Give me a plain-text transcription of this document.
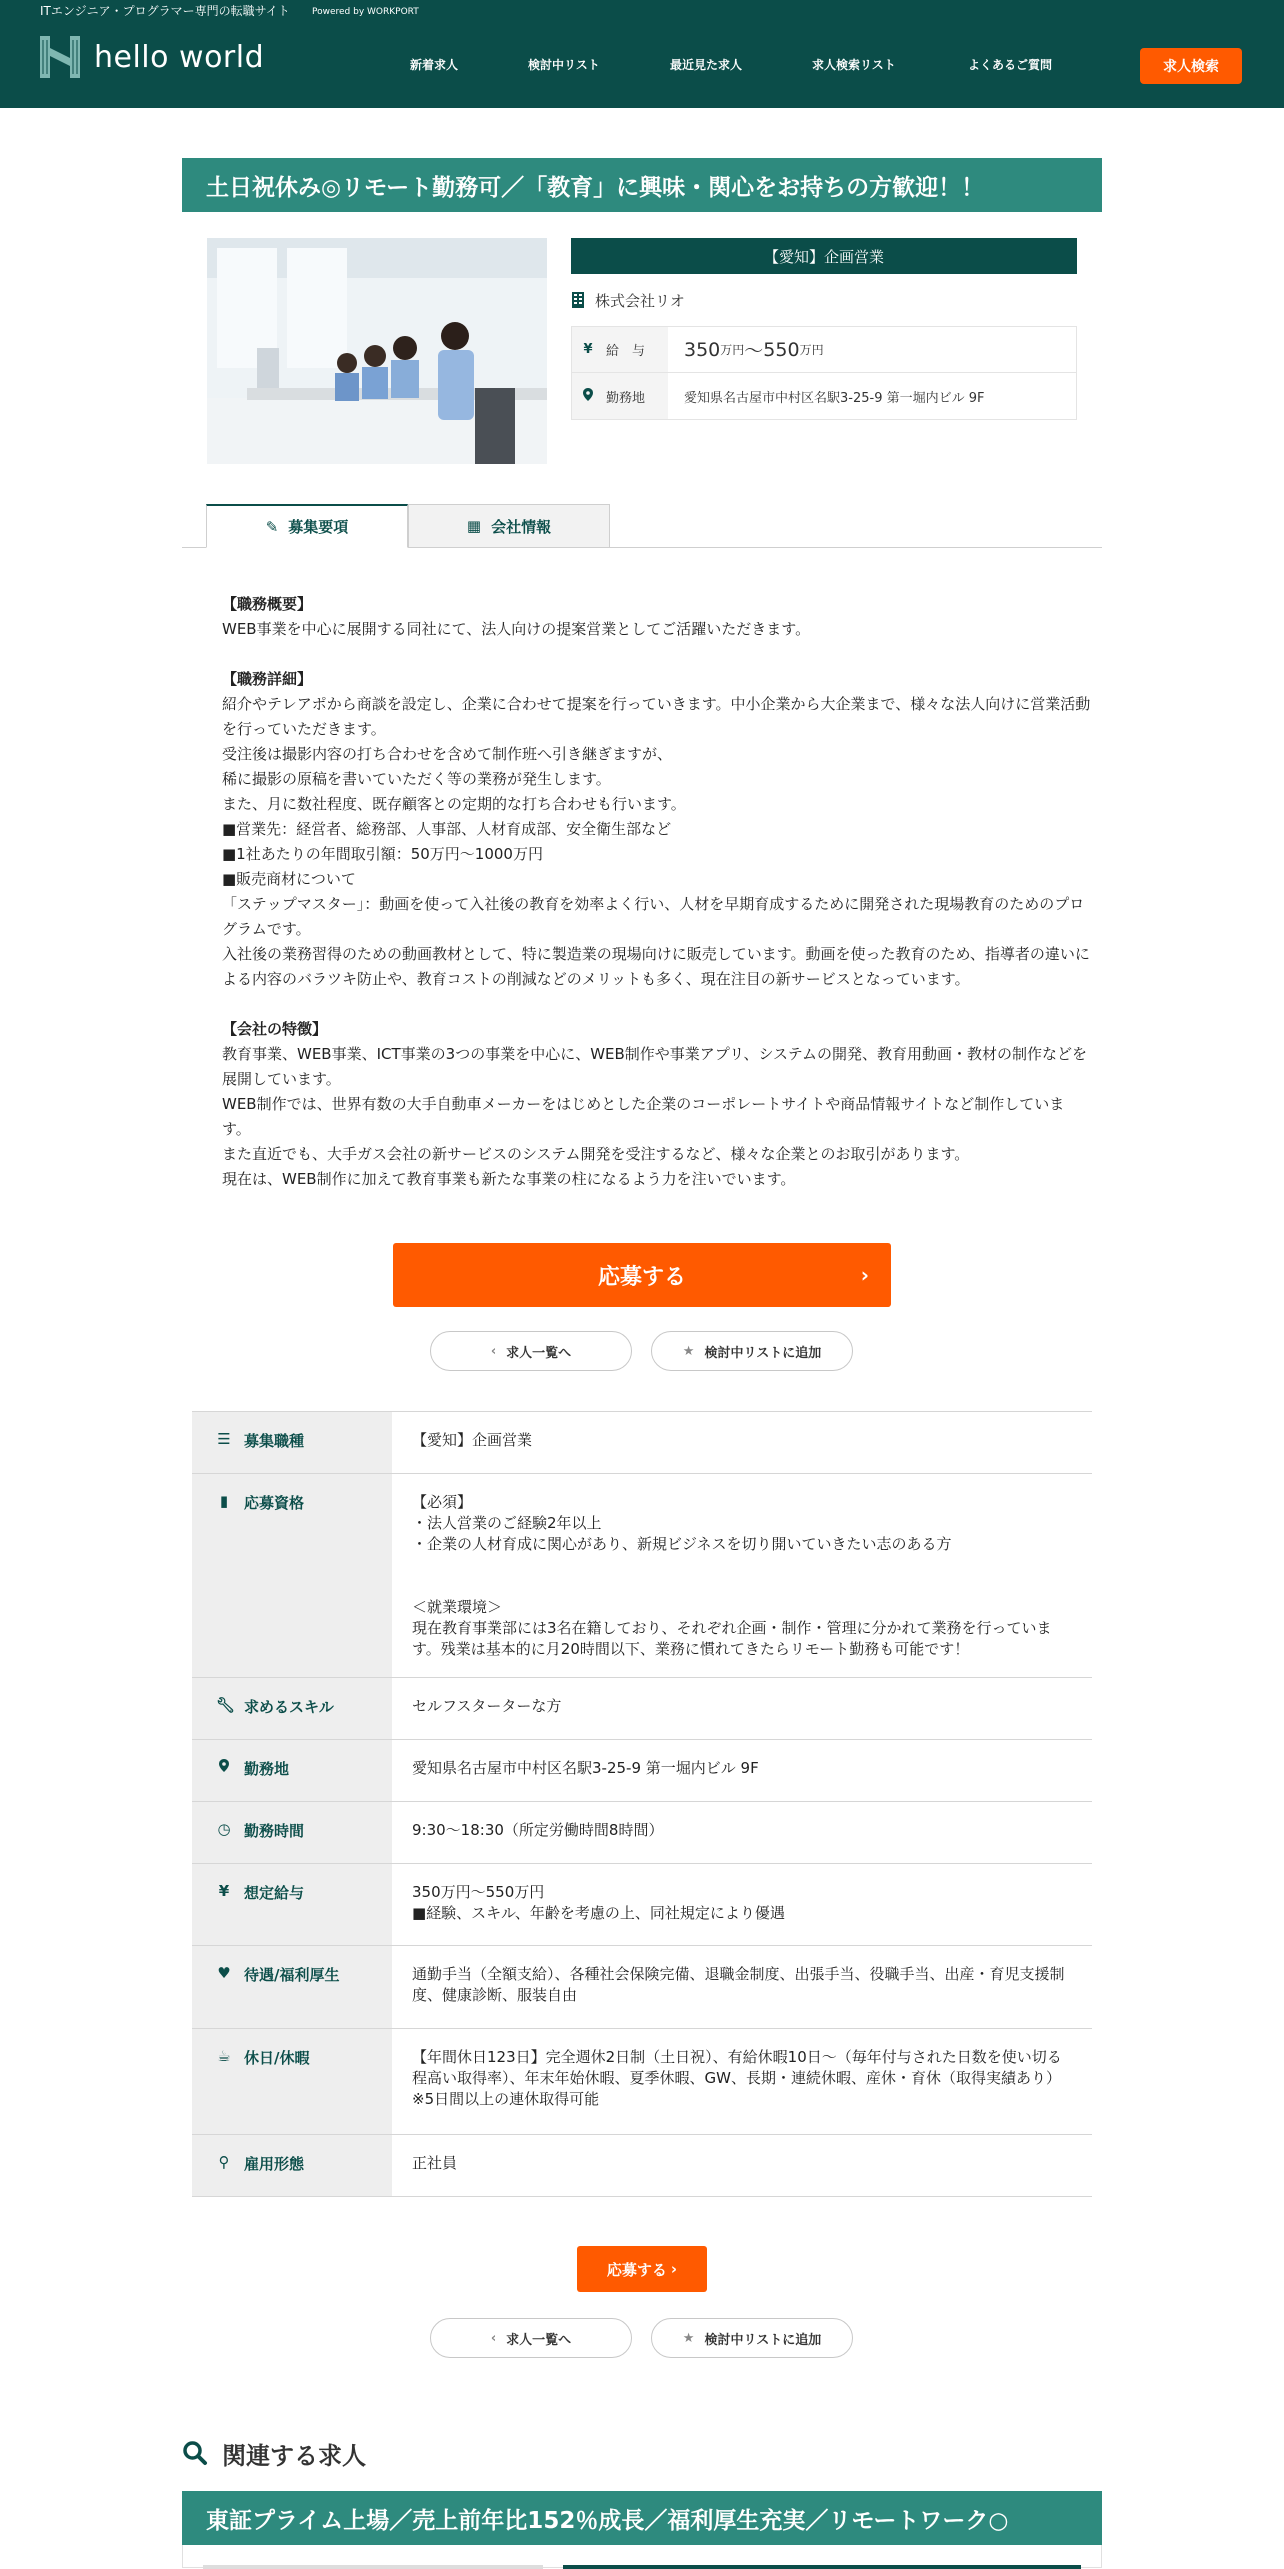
ITエンジニア・プログラマー専門の転職サイト Powered by WORKPORT
hello world	新着求人	検討中リスト	最近見た求人	求人検索リスト	よくあるご質問	求人検索
土日祝休み◎リモート勤務可／「教育」に興味・関心をお持ちの方歓迎！！
【愛知】企画営業
株式会社リオ
¥ 給　与 350 万円 ～ 550 万円
勤務地	愛知県名古屋市中村区名駅3-25-9 第一堀内ビル 9F
✎ 募集要項	▦ 会社情報
【職務概要】
WEB事業を中心に展開する同社にて、法人向けの提案営業としてご活躍いただきます。
【職務詳細】
紹介やテレアポから商談を設定し、企業に合わせて提案を行っていきます。中小企業から大企業まで、様々な法人向けに営業活動を行っていただきます。
受注後は撮影内容の打ち合わせを含めて制作班へ引き継ぎますが、
稀に撮影の原稿を書いていただく等の業務が発生します。
また、月に数社程度、既存顧客との定期的な打ち合わせも行います。
■営業先：経営者、総務部、人事部、人材育成部、安全衛生部など
■1社あたりの年間取引額：50万円〜1000万円
■販売商材について
「ステップマスター」：動画を使って入社後の教育を効率よく行い、人材を早期育成するために開発された現場教育のためのプログラムです。
入社後の業務習得のための動画教材として、特に製造業の現場向けに販売しています。動画を使った教育のため、指導者の違いによる内容のバラツキ防止や、教育コストの削減などのメリットも多く、現在注目の新サービスとなっています。
【会社の特徴】
教育事業、WEB事業、ICT事業の3つの事業を中心に、WEB制作や事業アプリ、システムの開発、教育用動画・教材の制作などを展開しています。
WEB制作では、世界有数の大手自動車メーカーをはじめとした企業のコーポレートサイトや商品情報サイトなど制作しています。
また直近でも、大手ガス会社の新サービスのシステム開発を受注するなど、様々な企業とのお取引があります。
現在は、WEB制作に加えて教育事業も新たな事業の柱になるよう力を注いでいます。
応募する	›
‹ 求人一覧へ	★ 検討中リストに追加
☰ 募集職種	【愛知】企画営業
▮ 応募資格	【必須】
・法人営業のご経験2年以上
・企業の人材育成に関心があり、新規ビジネスを切り開いていきたい志のある方
＜就業環境＞
現在教育事業部には3名在籍しており、それぞれ企画・制作・管理に分かれて業務を行っています。残業は基本的に月20時間以下、業務に慣れてきたらリモート勤務も可能です！
🔧︎ 求めるスキル	セルフスターターな方
勤務地	愛知県名古屋市中村区名駅3-25-9 第一堀内ビル 9F
◷ 勤務時間	9:30〜18:30（所定労働時間8時間）
¥ 想定給与	350万円～550万円
■経験、スキル、年齢を考慮の上、同社規定により優遇
♥ 待遇/福利厚生	通勤手当（全額支給）、各種社会保険完備、退職金制度、出張手当、役職手当、出産・育児支援制度、健康診断、服装自由
☕︎ 休日/休暇	【年間休日123日】完全週休2日制（土日祝）、有給休暇10日〜（毎年付与された日数を使い切る程高い取得率）、年末年始休暇、夏季休暇、GW、長期・連続休暇、産休・育休（取得実績あり）※5日間以上の連休取得可能
⚲ 雇用形態	正社員
応募する ›
‹ 求人一覧へ	★ 検討中リストに追加
関連する求人
東証プライム上場／売上前年比152％成長／福利厚生充実／リモートワーク○
